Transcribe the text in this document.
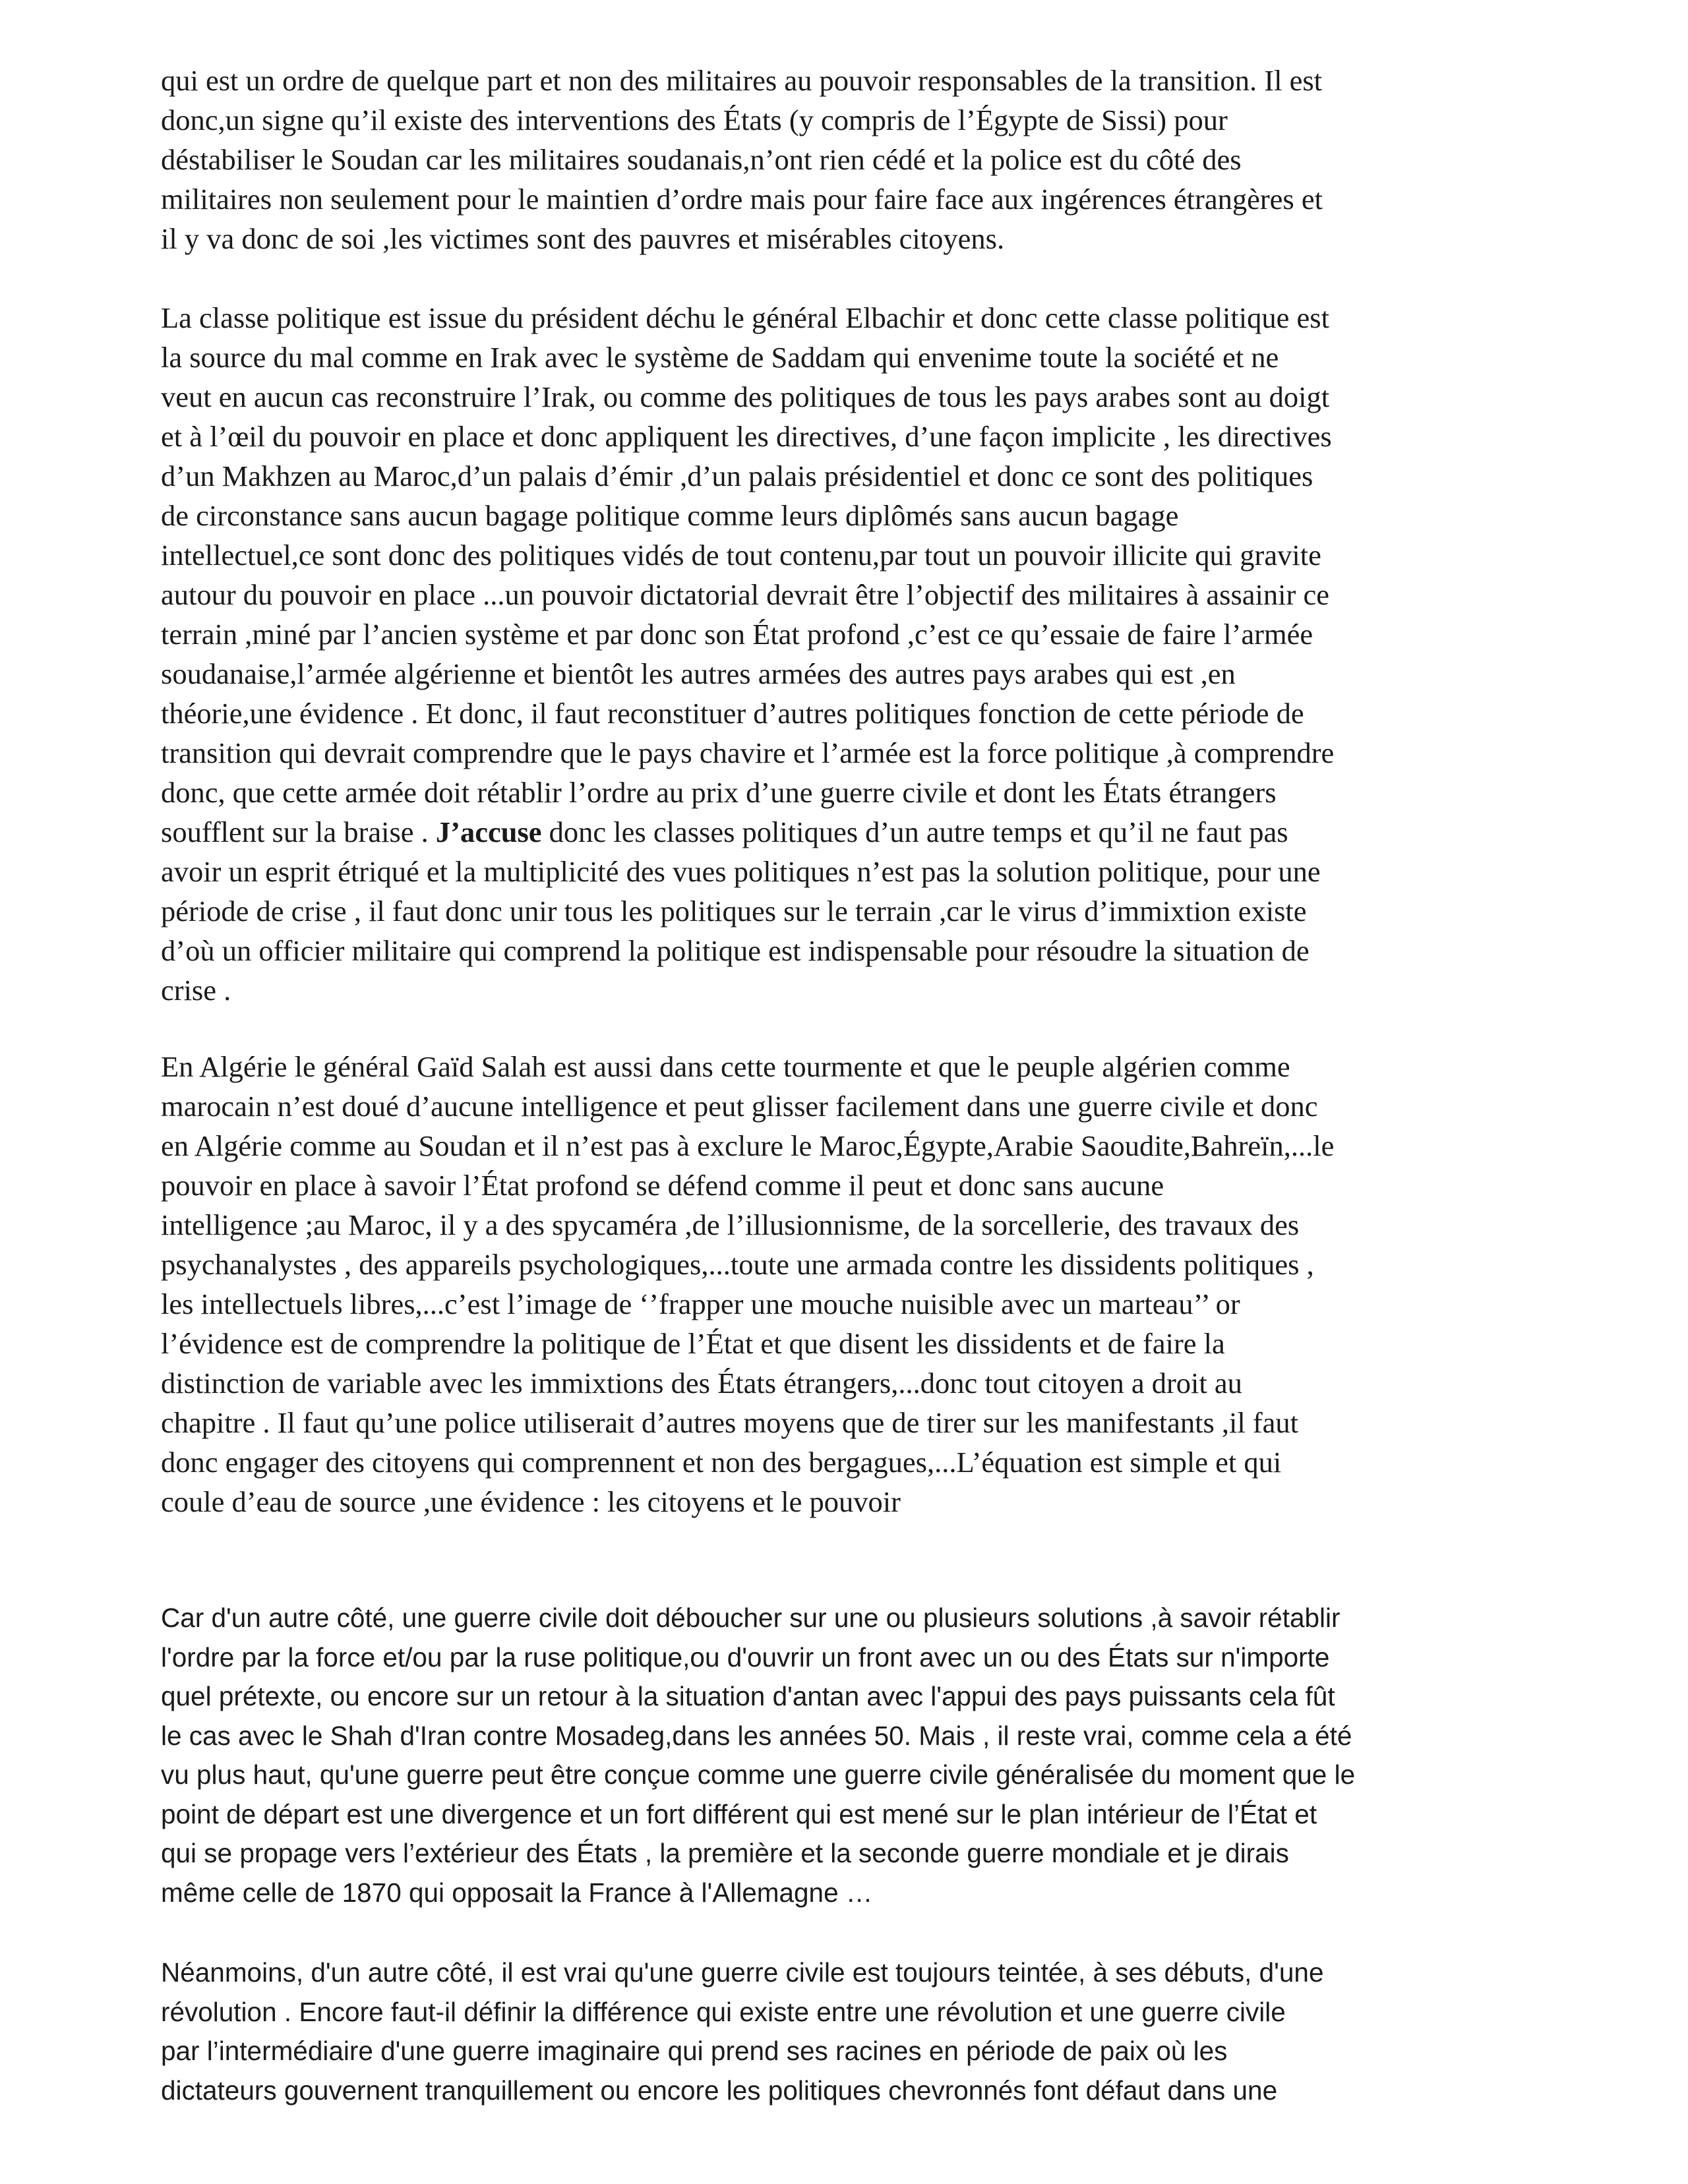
qui est un ordre de quelque part et non des militaires au pouvoir responsables de la transition. Il est
donc,un signe qu’il existe des interventions des États (y compris de l’Égypte de Sissi) pour
déstabiliser le Soudan car les militaires soudanais,n’ont rien cédé et la police est du côté des
militaires non seulement pour le maintien d’ordre mais pour faire face aux ingérences étrangères et
il y va donc de soi ,les victimes sont des pauvres et misérables citoyens.
La classe politique est issue du président déchu le général Elbachir et donc cette classe politique est
la source du mal comme en Irak avec le système de Saddam qui envenime toute la société et ne
veut en aucun cas reconstruire l’Irak, ou comme des politiques de tous les pays arabes sont au doigt
et à l’œil du pouvoir en place et donc appliquent les directives, d’une façon implicite , les directives
d’un Makhzen au Maroc,d’un palais d’émir ,d’un palais présidentiel et donc ce sont des politiques
de circonstance sans aucun bagage politique comme leurs diplômés sans aucun bagage
intellectuel,ce sont donc des politiques vidés de tout contenu,par tout un pouvoir illicite qui gravite
autour du pouvoir en place ...un pouvoir dictatorial devrait être l’objectif des militaires à assainir ce
terrain ,miné par l’ancien système et par donc son État profond ,c’est ce qu’essaie de faire l’armée
soudanaise,l’armée algérienne et bientôt les autres armées des autres pays arabes qui est ,en
théorie,une évidence . Et donc, il faut reconstituer d’autres politiques fonction de cette période de
transition qui devrait comprendre que le pays chavire et l’armée est la force politique ,à comprendre
donc, que cette armée doit rétablir l’ordre au prix d’une guerre civile et dont les États étrangers
soufflent sur la braise . J’accuse donc les classes politiques d’un autre temps et qu’il ne faut pas
avoir un esprit étriqué et la multiplicité des vues politiques n’est pas la solution politique, pour une
période de crise , il faut donc unir tous les politiques sur le terrain ,car le virus d’immixtion existe
d’où un officier militaire qui comprend la politique est indispensable pour résoudre la situation de
crise .
En Algérie le général Gaïd Salah est aussi dans cette tourmente et que le peuple algérien comme
marocain n’est doué d’aucune intelligence et peut glisser facilement dans une guerre civile et donc
en Algérie comme au Soudan et il n’est pas à exclure le Maroc,Égypte,Arabie Saoudite,Bahreïn,...le
pouvoir en place à savoir l’État profond se défend comme il peut et donc sans aucune
intelligence ;au Maroc, il y a des spycaméra ,de l’illusionnisme, de la sorcellerie, des travaux des
psychanalystes , des appareils psychologiques,...toute une armada contre les dissidents politiques ,
les intellectuels libres,...c’est l’image de ‘’frapper une mouche nuisible avec un marteau’’ or
l’évidence est de comprendre la politique de l’État et que disent les dissidents et de faire la
distinction de variable avec les immixtions des États étrangers,...donc tout citoyen a droit au
chapitre . Il faut qu’une police utiliserait d’autres moyens que de tirer sur les manifestants ,il faut
donc engager des citoyens qui comprennent et non des bergagues,...L’équation est simple et qui
coule d’eau de source ,une évidence : les citoyens et le pouvoir
Car d'un autre côté, une guerre civile doit déboucher sur une ou plusieurs solutions ,à savoir rétablir
l'ordre par la force et/ou par la ruse politique,ou d'ouvrir un front avec un ou des États sur n'importe
quel prétexte, ou encore sur un retour à la situation d'antan avec l'appui des pays puissants cela fût
le cas avec le Shah d'Iran contre Mosadeg,dans les années 50. Mais , il reste vrai, comme cela a été
vu plus haut, qu'une guerre peut être conçue comme une guerre civile généralisée du moment que le
point de départ est une divergence et un fort différent qui est mené sur le plan intérieur de l’État et
qui se propage vers l’extérieur des États , la première et la seconde guerre mondiale et je dirais
même celle de 1870 qui opposait la France à l'Allemagne …
Néanmoins, d'un autre côté, il est vrai qu'une guerre civile est toujours teintée, à ses débuts, d'une
révolution . Encore faut-il définir la différence qui existe entre une révolution et une guerre civile
par l’intermédiaire d'une guerre imaginaire qui prend ses racines en période de paix où les
dictateurs gouvernent tranquillement ou encore les politiques chevronnés font défaut dans une
